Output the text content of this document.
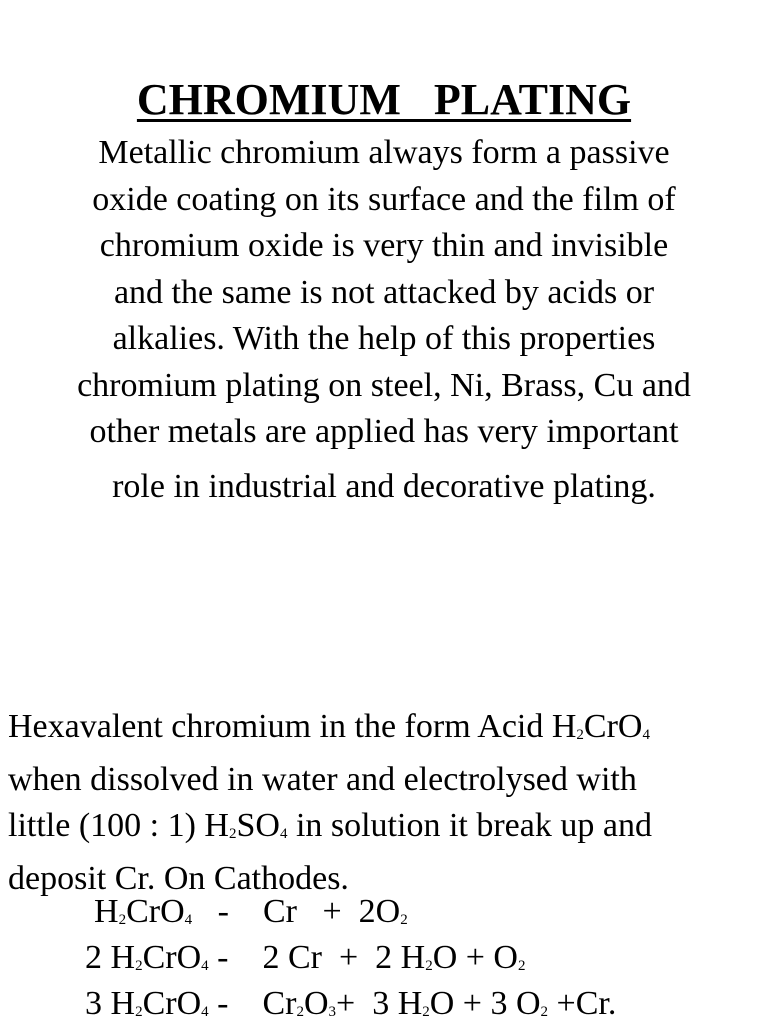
CHROMIUM   PLATING
Metallic chromium always form a passive
oxide coating on its surface and the film of
chromium oxide is very thin and invisible
and the same is not attacked by acids or
alkalies. With the help of this properties
chromium plating on steel, Ni, Brass, Cu and
other metals are applied has very important
role in industrial and decorative plating.
Hexavalent chromium in the form Acid H2CrO4
when dissolved in water and electrolysed with
little (100 : 1) H2SO4 in solution it break up and
deposit Cr. On Cathodes.
H2CrO4   -    Cr   +  2O2
2 H2CrO4 -    2 Cr  +  2 H2O + O2
3 H2CrO4 -    Cr2O3+  3 H2O + 3 O2 +Cr.
